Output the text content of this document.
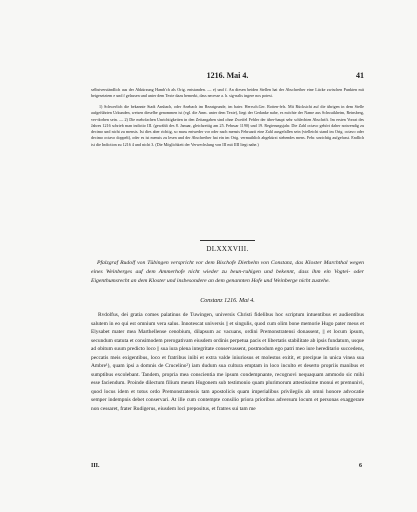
1216. Mai 4.	41

selbstverständlich aus der Abkürzung Hamb'ch als Orig. entstanden. — e) und f. An diesen beiden Stellen hat der Abschreiber eine Lücke zwischen Punkten mit beigesetztem e und f gelassen und unter dem Texte dazu bemerkt, dass necesse a. h. sig-nalis ingere nos potest.

1) Schwerlich die bekannte Stadt Ansbach, oder Anebach im Rezatgrunde, im baier. Herrsch.Ger. Rotten-fels. Mit Rücksicht auf die übrigen in dem Stelle aufgeführten Urkunden, weisen dieselbe genommen ist (vgl. die Anm. unter dem Texte), liegt der Gedanke nahe, es möchte der Name aus Schwaikheim, Reinsberg, ver-dorben sein. — 2) Die mehrfachen Unrichtigkeiten in den Zeitangaben sind ohne Zweifel Fehler der über-haupt sehr schlechten Abschrift. Im ersten Vorrat des Jahres 1216 schrieb man indictio III. (gewählt des 8. Januar, gleichzeitig am 25. Februar 1190) und 19. Regierungsjahr. Die Zahl octavo gehört daher notwendig zu decimo und nicht zu mensis. Ist dies aber richtig, so muss entweder vor oder nach mensis Februarii eine Zahl ausgefallen sein (vielleicht stand im Orig. octavo oder decimo octavo doppelt), oder es ist mensis zu lesen und der Abschreiber hat ein im Orig. vermuthlich abgekürzt stehendes mens. Febr. unrichtig aufgefasst. Endlich ist die Indiction zu 1216 4 und nicht 3. (Die Möglichkeit der Verwechslung von III mit IIII liegt nahe.)

DLXXXVIII.

Pfalzgraf Rudolf von Tübingen verspricht vor dem Bischofe Diethelm von Constanz, das Kloster Marchthal wegen eines Weinberges auf dem Ammerhofe nicht wieder zu beun-ruhigen und bekennt, dass ihm ein Vogtei- oder Eigenthumsrecht an dem Kloster und insbesondere an dem genannten Hofe und Weinberge nicht zustehe.

Constanz 1216. Mai 4.

Rvdolfus, dei gratia comes palatinus de Tuwingen, universis Christi fidelibus hoc scriptum intuentibus et audientibus salutem in eo qui est omnium vera salus. Innotescat universis || et singulis, quod cum olim bone memorie Hugo pater meus et Elysabet mater mea Marthellense cenobium, dilapsum ac vacuans, ordini Premonstratensi donassent, || et locum ipsum, secundum statuta et consimodem prerogativam eiusdem ordinis perpetua pacis et libertatis stabilitate ab ipsis fundatum, usque ad obitum suum predicto loco || sua iura plena integritate conservassent, postmodum ego patri meo iure hereditario succedens, peccatis meis exigentibus, loco et fratribus inibi et extra valde iniuriosus et molestus exitit, et precipue in unica vinea sua Ambre¹), quam ipsi a domnis de Crucelino²) iam dudum sua cultura emptam in loco inculto et deserto propriis manibus et sumptibus excolebant. Tandem, propria mea conscientia me ipsum condempnante, recognovi nequaquam ammodo sic mihi esse faciendum. Proinde dilectum filium meum Hugonem sub testimonio quam plurimorum attestissime monui et premunivi, quod locus idem et totus ordo Premonstratensis tam apostolicis quam imperialibus privilegiis ab omni honore advocatie semper indempnis debet conservari. At ille cum contempte consilio priora prioribus adversum locum et personas exaggerare non cessaret, frater Rudigerus, eiusdem loci prepositus, et fratres sui tam me

III.	6
